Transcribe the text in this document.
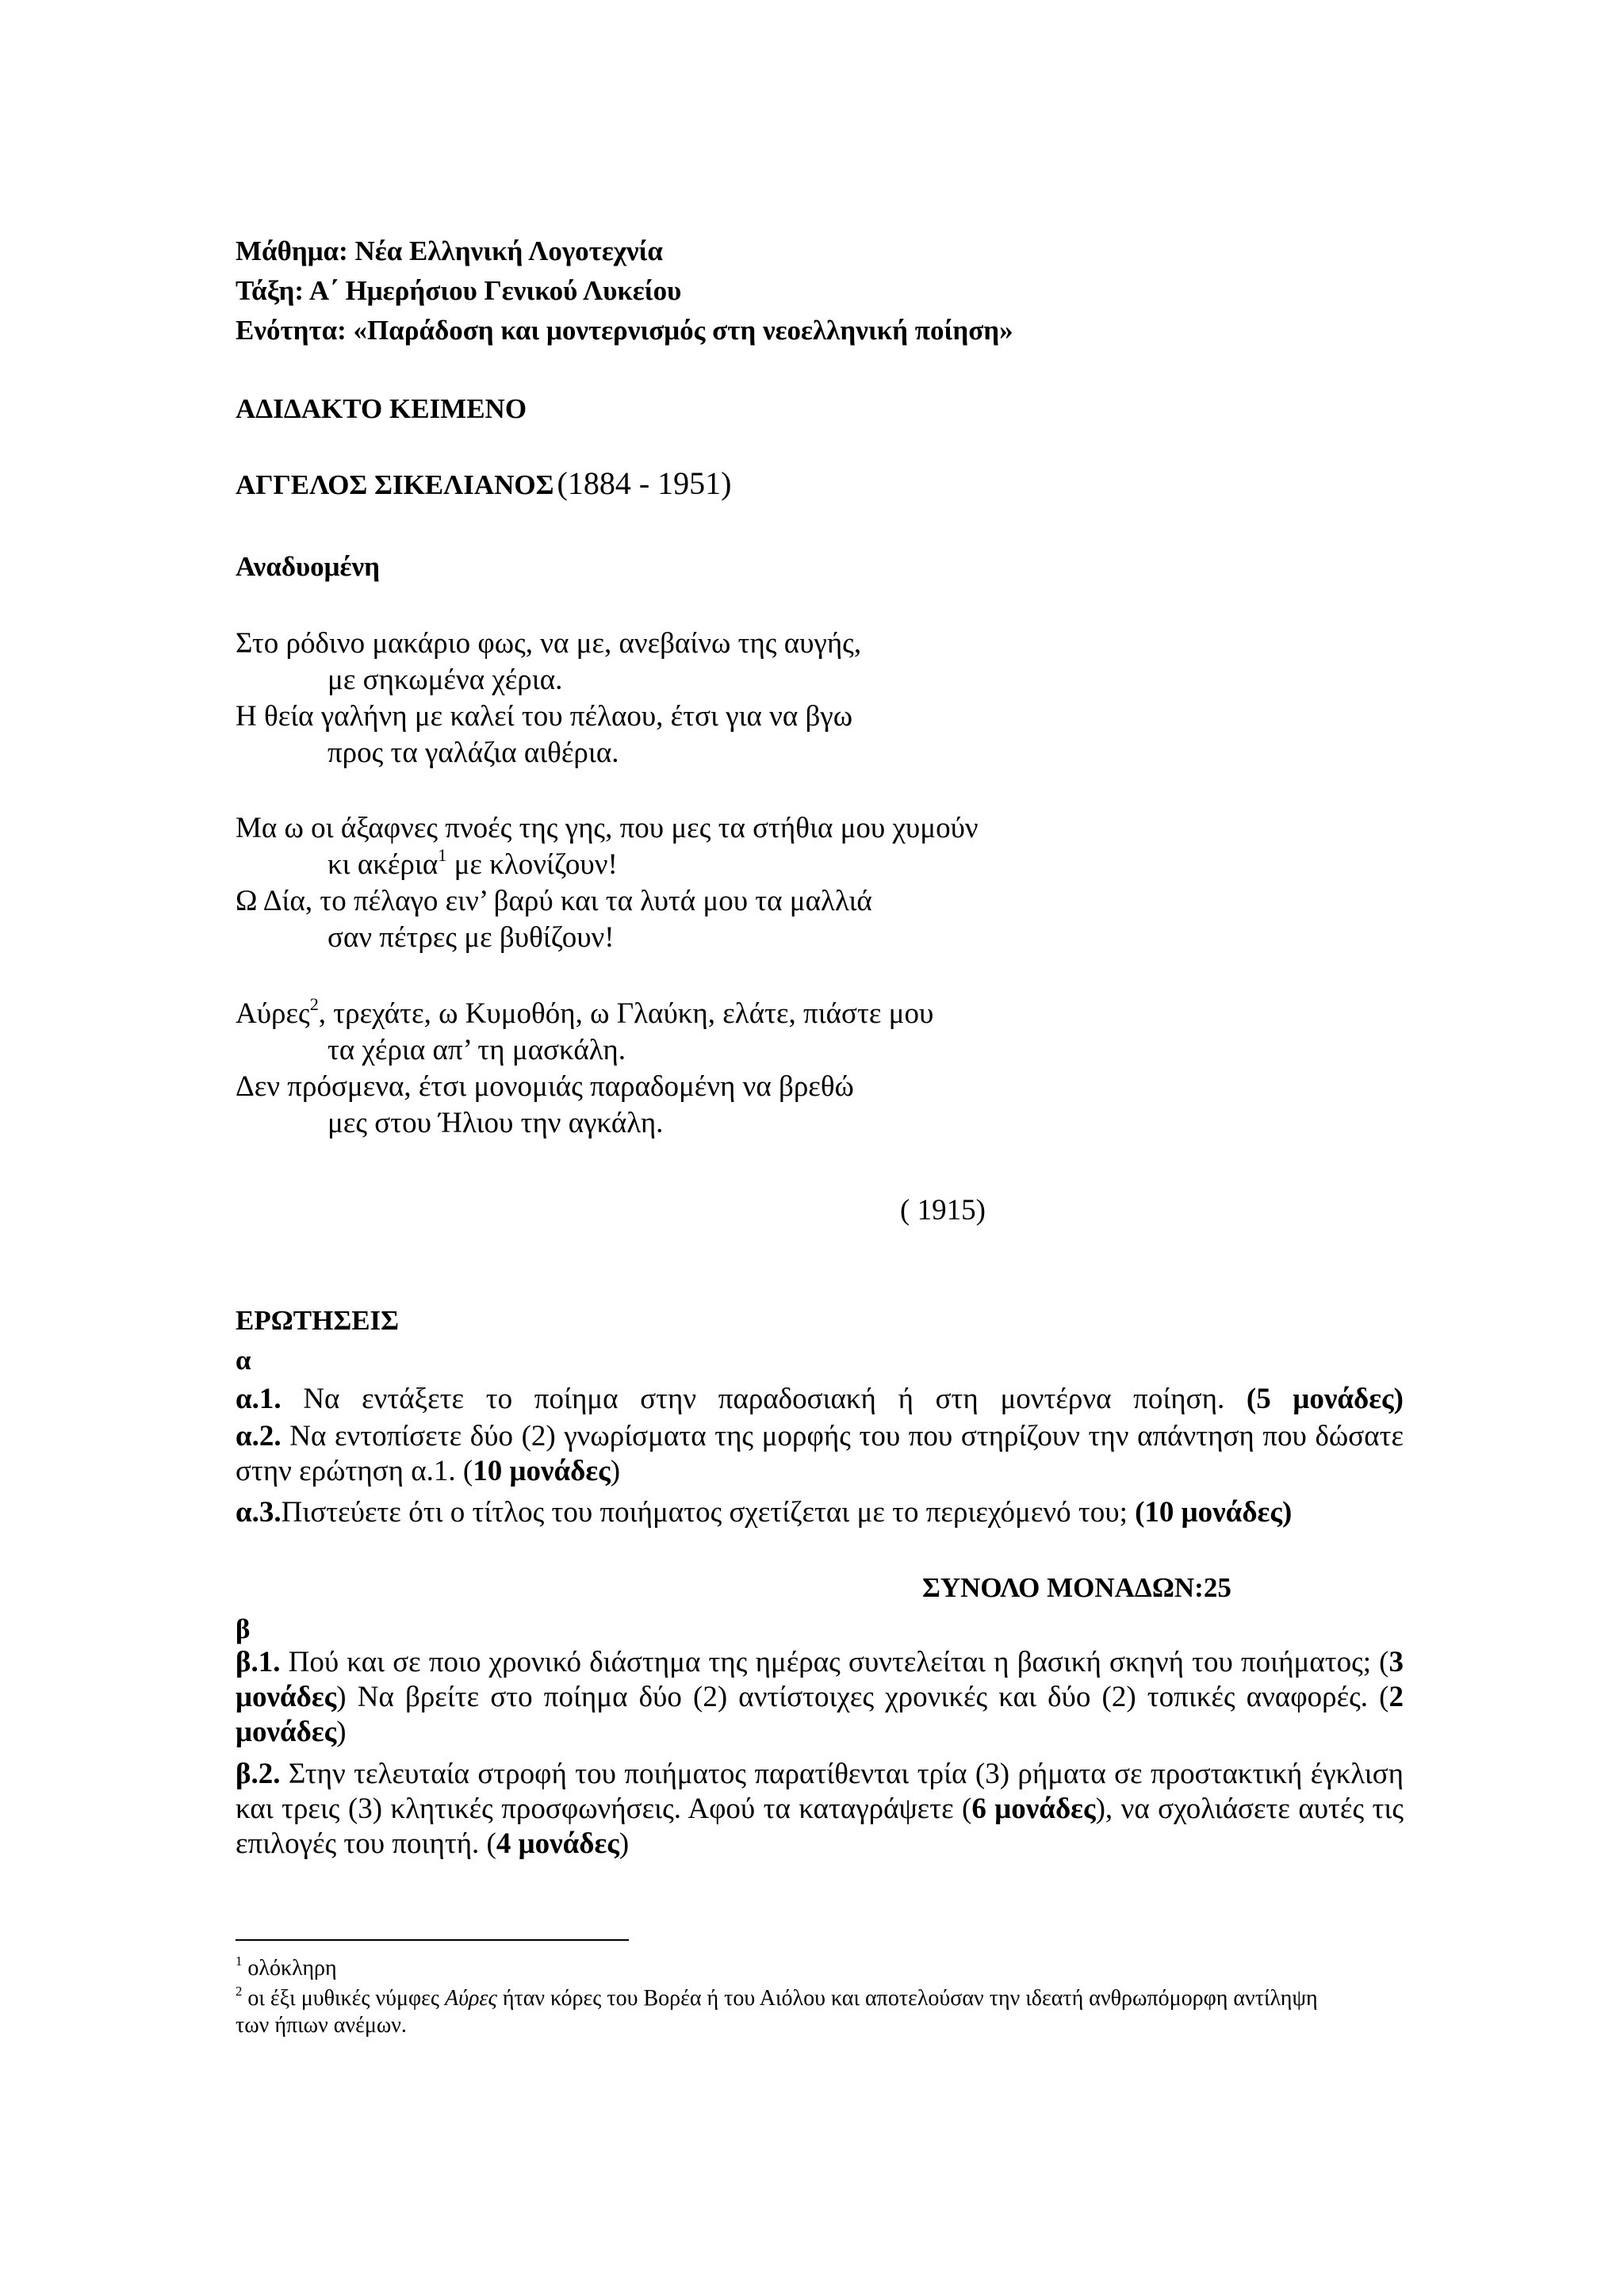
Μάθημα: Νέα Ελληνική Λογοτεχνία
Τάξη: Α΄ Ημερήσιου Γενικού Λυκείου
Ενότητα: «Παράδοση και μοντερνισμός στη νεοελληνική ποίηση»
ΑΔΙΔΑΚΤΟ ΚΕΙΜΕΝΟ
ΑΓΓΕΛΟΣ ΣΙΚΕΛΙΑΝΟΣ (1884 - 1951)
Αναδυομένη
Στο ρόδινο μακάριο φως, να με, ανεβαίνω της αυγής,
με σηκωμένα χέρια.
Η θεία γαλήνη με καλεί του πέλαου, έτσι για να βγω
προς τα γαλάζια αιθέρια.
Μα ω οι άξαφνες πνοές της γης, που μες τα στήθια μου χυμούν
κι ακέρια$^1$ με κλονίζουν!
Ω Δία, το πέλαγο ειν’ βαρύ και τα λυτά μου τα μαλλιά
σαν πέτρες με βυθίζουν!
Αύρες$^2$, τρεχάτε, ω Κυμοθόη, ω Γλαύκη, ελάτε, πιάστε μου
τα χέρια απ’ τη μασκάλη.
Δεν πρόσμενα, έτσι μονομιάς παραδομένη να βρεθώ
μες στου Ήλιου την αγκάλη.
( 1915)
ΕΡΩΤΗΣΕΙΣ
α
α.1. Να εντάξετε το ποίημα στην παραδοσιακή ή στη μοντέρνα ποίηση. (5 μονάδες)
α.2. Να εντοπίσετε δύο (2) γνωρίσματα της μορφής του που στηρίζουν την απάντηση που δώσατε στην ερώτηση α.1. (10 μονάδες)
α.3.Πιστεύετε ότι ο τίτλος του ποιήματος σχετίζεται με το περιεχόμενό του; (10 μονάδες)
ΣΥΝΟΛΟ ΜΟΝΑΔΩΝ:25
β
β.1. Πού και σε ποιο χρονικό διάστημα της ημέρας συντελείται η βασική σκηνή του ποιήματος; (3 μονάδες) Να βρείτε στο ποίημα δύο (2) αντίστοιχες χρονικές και δύο (2) τοπικές αναφορές. (2 μονάδες)
β.2. Στην τελευταία στροφή του ποιήματος παρατίθενται τρία (3) ρήματα σε προστακτική έγκλιση και τρεις (3) κλητικές προσφωνήσεις. Αφού τα καταγράψετε (6 μονάδες), να σχολιάσετε αυτές τις επιλογές του ποιητή. (4 μονάδες)
$^1$ ολόκληρη
$^2$ οι έξι μυθικές νύμφες Αύρες ήταν κόρες του Βορέα ή του Αιόλου και αποτελούσαν την ιδεατή ανθρωπόμορφη αντίληψη των ήπιων ανέμων.
